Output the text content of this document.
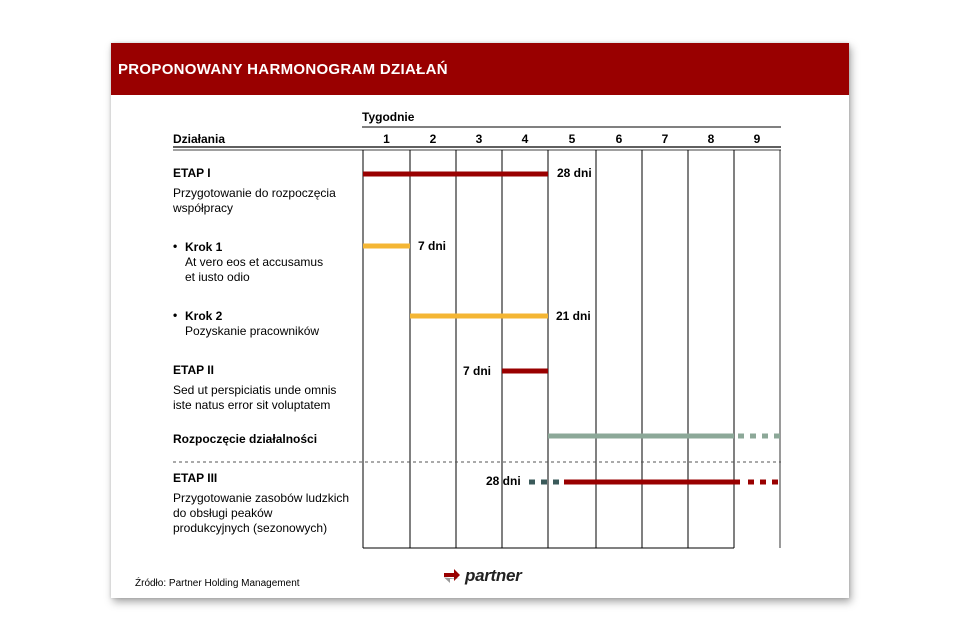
PROPONOWANY HARMONOGRAM DZIAŁAŃ
Tygodnie
Działania
ETAP I
Przygotowanie do rozpoczęcia
współpracy
• Krok 1
At vero eos et accusamus
et iusto odio
• Krok 2
Pozyskanie pracowników
ETAP II
Sed ut perspiciatis unde omnis
iste natus error sit voluptatem
Rozpoczęcie działalności
ETAP III
Przygotowanie zasobów ludzkich
do obsługi peaków
produkcyjnych (sezonowych)
1	2	3	4	5	6	7	8	9
28 dni
7 dni
21 dni
7 dni
28 dni
Źródło: Partner Holding Management	partner
